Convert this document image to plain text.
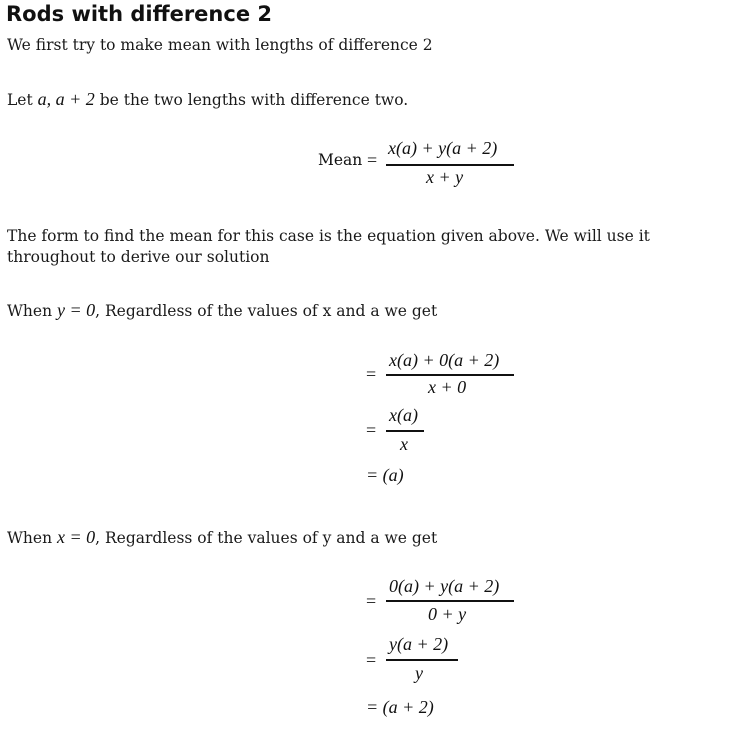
Rods with difference 2
We first try to make mean with lengths of difference 2
Let a, a + 2 be the two lengths with difference two.
Mean =
x(a) + y(a + 2)
x + y
The form to find the mean for this case is the equation given above. We will use it throughout to derive our solution
When y = 0, Regardless of the values of x and a we get
=
x(a) + 0(a + 2)
x + 0
=
x(a)
x
= (a)
When x = 0, Regardless of the values of y and a we get
=
0(a) + y(a + 2)
0 + y
=
y(a + 2)
y
= (a + 2)
